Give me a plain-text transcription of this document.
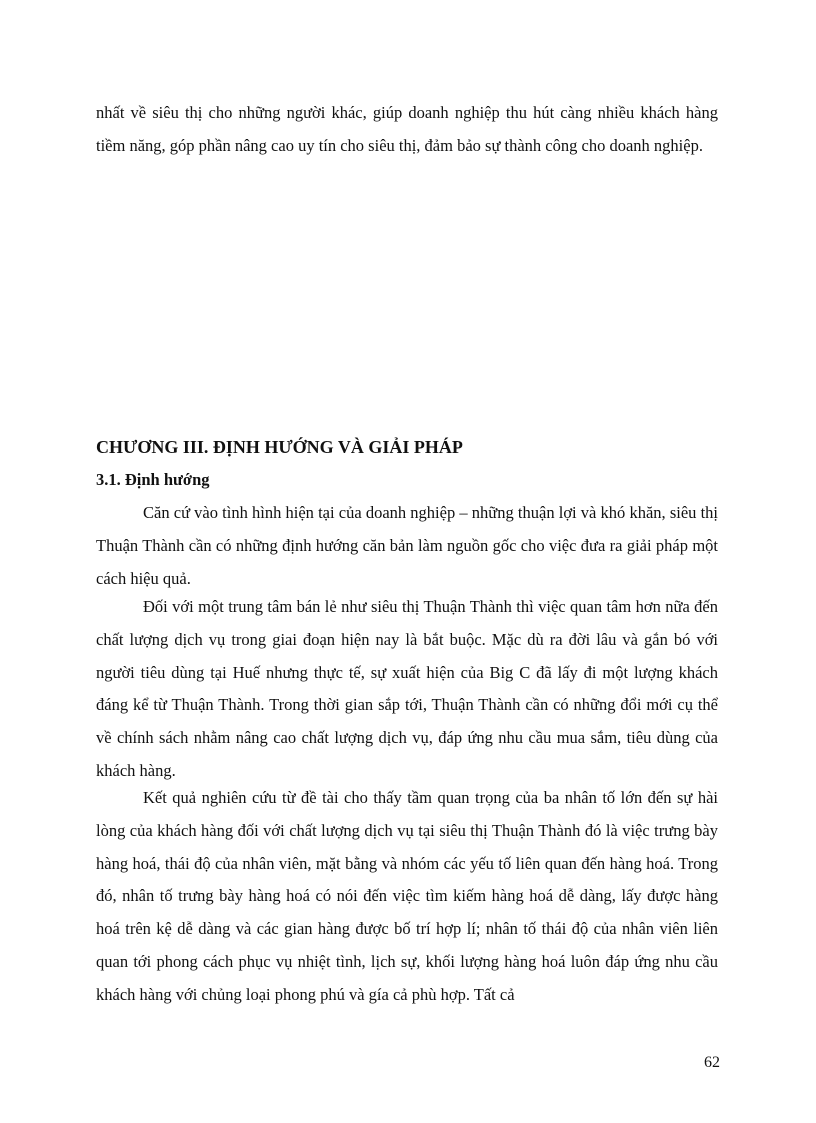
nhất về siêu thị cho những người khác, giúp doanh nghiệp thu hút càng nhiều khách hàng tiềm năng, góp phần nâng cao uy tín cho siêu thị, đảm bảo sự thành công cho doanh nghiệp.

CHƯƠNG III. ĐỊNH HƯỚNG VÀ GIẢI PHÁP
3.1. Định hướng

Căn cứ vào tình hình hiện tại của doanh nghiệp – những thuận lợi và khó khăn, siêu thị Thuận Thành cần có những định hướng căn bản làm nguồn gốc cho việc đưa ra giải pháp một cách hiệu quả.

Đối với một trung tâm bán lẻ như siêu thị Thuận Thành thì việc quan tâm hơn nữa đến chất lượng dịch vụ trong giai đoạn hiện nay là bắt buộc. Mặc dù ra đời lâu và gắn bó với người tiêu dùng tại Huế nhưng thực tế, sự xuất hiện của Big C đã lấy đi một lượng khách đáng kể từ Thuận Thành. Trong thời gian sắp tới, Thuận Thành cần có những đổi mới cụ thể về chính sách nhằm nâng cao chất lượng dịch vụ, đáp ứng nhu cầu mua sắm, tiêu dùng của khách hàng.

Kết quả nghiên cứu từ đề tài cho thấy tầm quan trọng của ba nhân tố lớn đến sự hài lòng của khách hàng đối với chất lượng dịch vụ tại siêu thị Thuận Thành đó là việc trưng bày hàng hoá, thái độ của nhân viên, mặt bằng và nhóm các yếu tố liên quan đến hàng hoá. Trong đó, nhân tố trưng bày hàng hoá có nói đến việc tìm kiếm hàng hoá dễ dàng, lấy được hàng hoá trên kệ dễ dàng và các gian hàng được bố trí hợp lí; nhân tố thái độ của nhân viên liên quan tới phong cách phục vụ nhiệt tình, lịch sự, khối lượng hàng hoá luôn đáp ứng nhu cầu khách hàng với chủng loại phong phú và gía cả phù hợp. Tất cả

62
